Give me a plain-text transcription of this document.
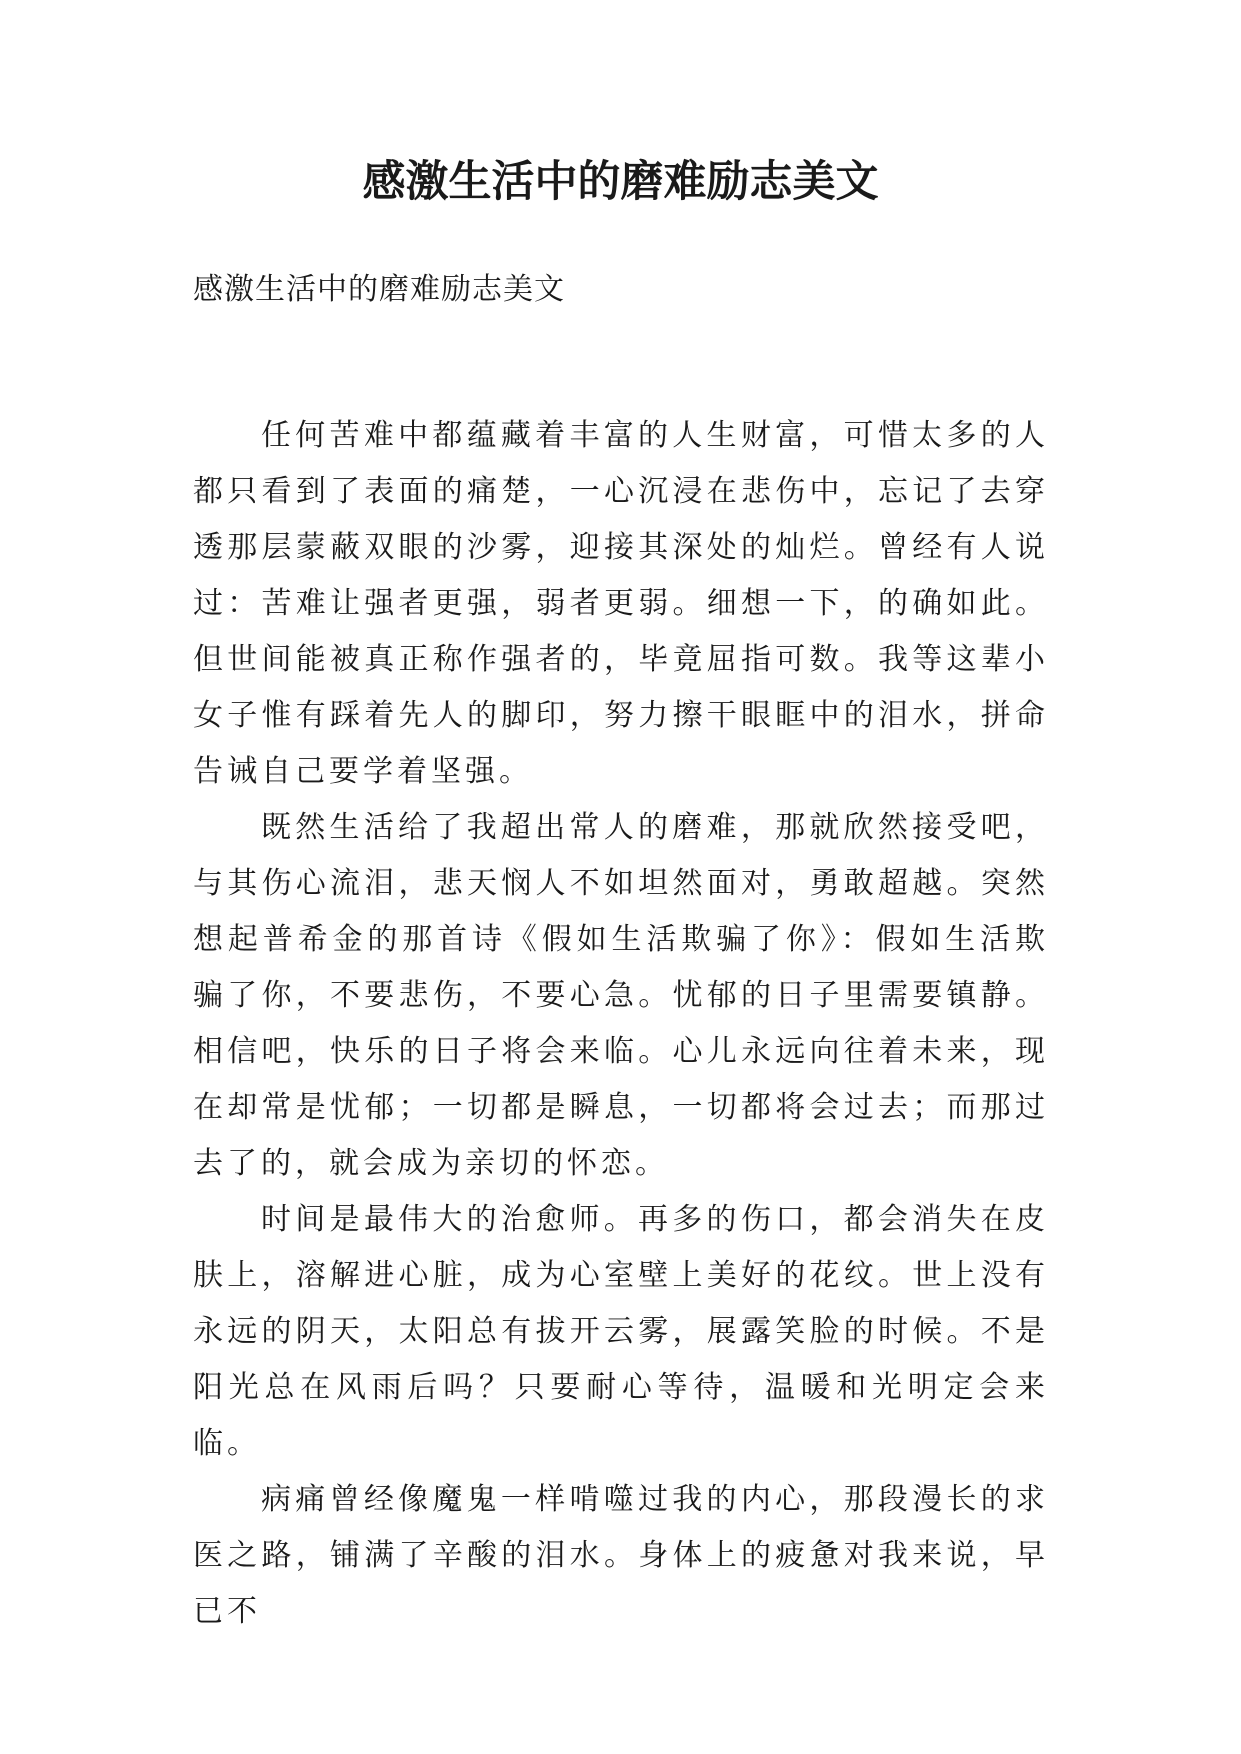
感激生活中的磨难励志美文
感激生活中的磨难励志美文

任何苦难中都蕴藏着丰富的人生财富，可惜太多的人都只看到了表面的痛楚，一心沉浸在悲伤中，忘记了去穿透那层蒙蔽双眼的沙雾，迎接其深处的灿烂。曾经有人说过：苦难让强者更强，弱者更弱。细想一下，的确如此。但世间能被真正称作强者的，毕竟屈指可数。我等这辈小女子惟有踩着先人的脚印，努力擦干眼眶中的泪水，拼命告诫自己要学着坚强。

既然生活给了我超出常人的磨难，那就欣然接受吧，与其伤心流泪，悲天悯人不如坦然面对，勇敢超越。突然想起普希金的那首诗《假如生活欺骗了你》：假如生活欺骗了你，不要悲伤，不要心急。忧郁的日子里需要镇静。相信吧，快乐的日子将会来临。心儿永远向往着未来，现在却常是忧郁；一切都是瞬息，一切都将会过去；而那过去了的，就会成为亲切的怀恋。

时间是最伟大的治愈师。再多的伤口，都会消失在皮肤上，溶解进心脏，成为心室壁上美好的花纹。世上没有永远的阴天，太阳总有拔开云雾，展露笑脸的时候。不是阳光总在风雨后吗？只要耐心等待，温暖和光明定会来临。

病痛曾经像魔鬼一样啃噬过我的内心，那段漫长的求医之路，铺满了辛酸的泪水。身体上的疲惫对我来说，早已不
